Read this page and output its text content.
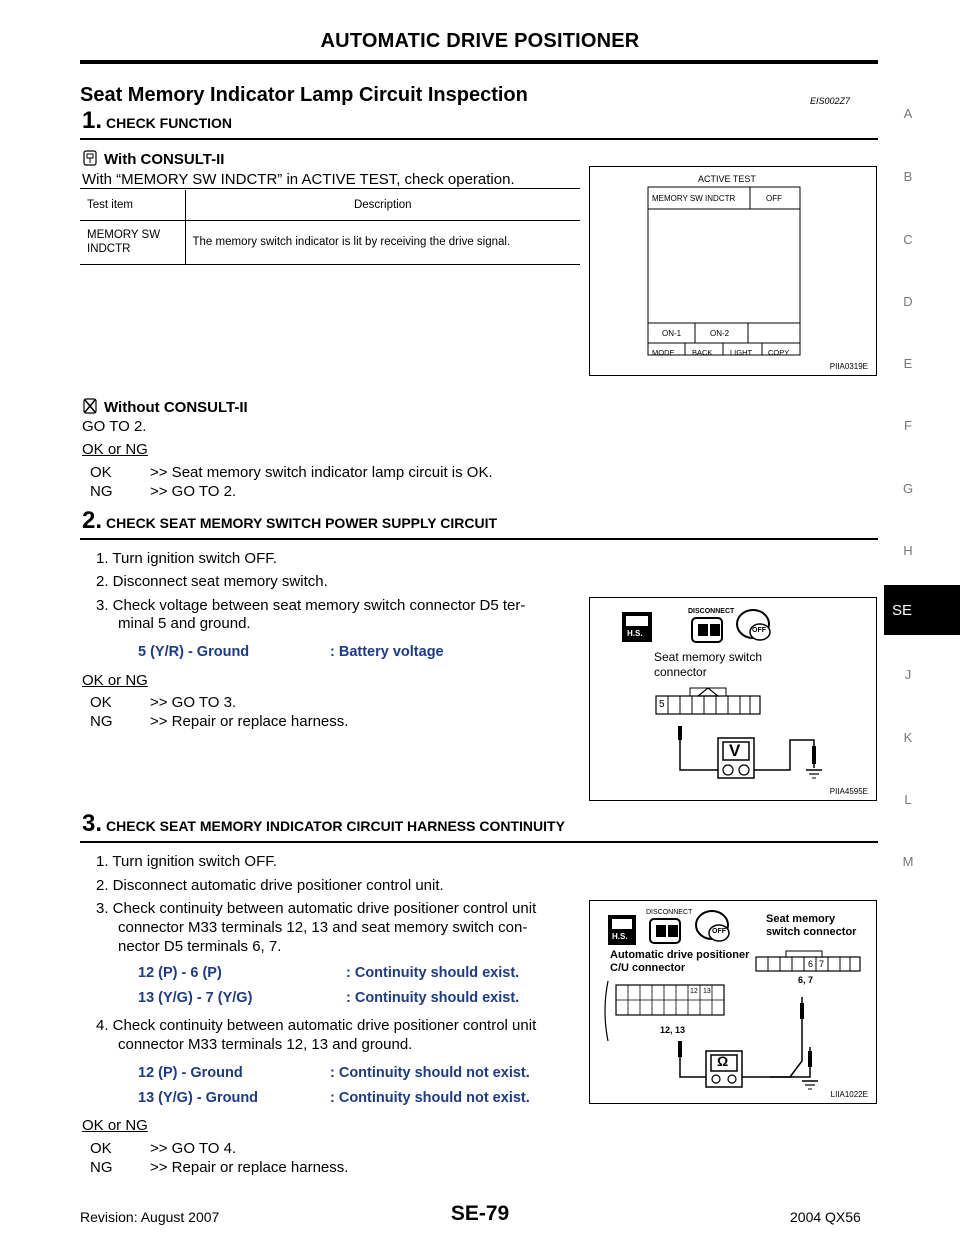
AUTOMATIC DRIVE POSITIONER
Seat Memory Indicator Lamp Circuit Inspection	EIS002Z7
A
B
C
D
E
F
G
H
SE
J
K
L
M
1. CHECK FUNCTION
With CONSULT-II
With “MEMORY SW INDCTR” in ACTIVE TEST, check operation.
Test item	Description
MEMORY SW INDCTR	The memory switch indicator is lit by receiving the drive signal.
ACTIVE TEST
MEMORY SW INDCTR	OFF
ON-1	ON-2
MODE BACK LIGHT COPY
PIIA0319E
Without CONSULT-II
GO TO 2.
OK or NG
OK	>> Seat memory switch indicator lamp circuit is OK.
NG	>> GO TO 2.
2. CHECK SEAT MEMORY SWITCH POWER SUPPLY CIRCUIT
1. Turn ignition switch OFF.
2. Disconnect seat memory switch.
3. Check voltage between seat memory switch connector D5 ter-
minal 5 and ground.
5 (Y/R) - Ground	: Battery voltage
OK or NG
OK	>> GO TO 3.
NG	>> Repair or replace harness.
H.S.
DISCONNECT
OFF
Seat memory switch
connector
5
V
PIIA4595E
3. CHECK SEAT MEMORY INDICATOR CIRCUIT HARNESS CONTINUITY
1. Turn ignition switch OFF.
2. Disconnect automatic drive positioner control unit.
3. Check continuity between automatic drive positioner control unit
connector M33 terminals 12, 13 and seat memory switch con-
nector D5 terminals 6, 7.
12 (P) - 6 (P)	: Continuity should exist.
13 (Y/G) - 7 (Y/G)	: Continuity should exist.
4. Check continuity between automatic drive positioner control unit
connector M33 terminals 12, 13 and ground.
12 (P) - Ground	: Continuity should not exist.
13 (Y/G) - Ground	: Continuity should not exist.
OK or NG
OK	>> GO TO 4.
NG	>> Repair or replace harness.
H.S.
DISCONNECT
OFF
Seat memory
switch connector
Automatic drive positioner
C/U connector	6 7
6, 7
12 13
12, 13
Ω
LIIA1022E
Revision: August 2007	SE-79	2004 QX56
